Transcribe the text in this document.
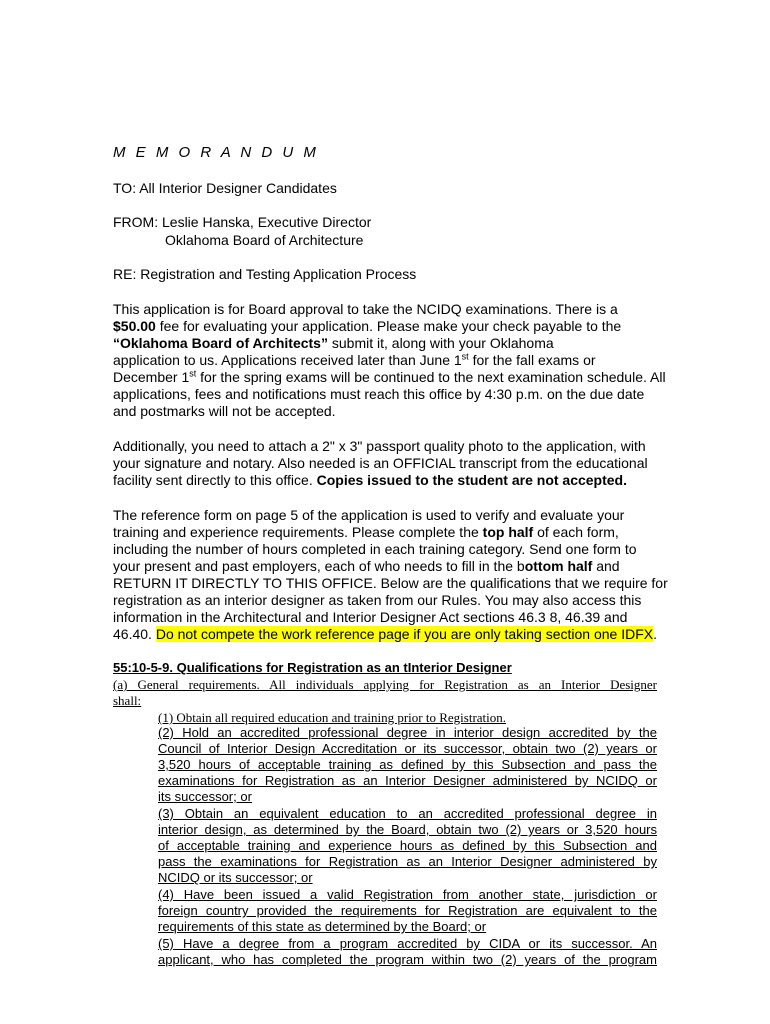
M E M O R A N D U M
TO: All Interior Designer Candidates
FROM: Leslie Hanska, Executive Director
Oklahoma Board of Architecture
RE: Registration and Testing Application Process
This application is for Board approval to take the NCIDQ examinations. There is a
$50.00 fee for evaluating your application. Please make your check payable to the
“Oklahoma Board of Architects” submit it, along with your Oklahoma
application to us. Applications received later than June 1st for the fall exams or
December 1st for the spring exams will be continued to the next examination schedule. All
applications, fees and notifications must reach this office by 4:30 p.m. on the due date
and postmarks will not be accepted.
Additionally, you need to attach a 2" x 3" passport quality photo to the application, with
your signature and notary. Also needed is an OFFICIAL transcript from the educational
facility sent directly to this office. Copies issued to the student are not accepted.
The reference form on page 5 of the application is used to verify and evaluate your
training and experience requirements. Please complete the top half of each form,
including the number of hours completed in each training category. Send one form to
your present and past employers, each of who needs to fill in the bottom half and
RETURN IT DIRECTLY TO THIS OFFICE. Below are the qualifications that we require for
registration as an interior designer as taken from our Rules. You may also access this
information in the Architectural and Interior Designer Act sections 46.3 8, 46.39 and
46.40. Do not compete the work reference page if you are only taking section one IDFX.
55:10-5-9. Qualifications for Registration as an tInterior Designer
(a) General requirements. All individuals applying for Registration as an Interior Designer
shall:
(1) Obtain all required education and training prior to Registration.
(2) Hold an accredited professional degree in interior design accredited by the
Council of Interior Design Accreditation or its successor, obtain two (2) years or
3,520 hours of acceptable training as defined by this Subsection and pass the
examinations for Registration as an Interior Designer administered by NCIDQ or
its successor; or
(3) Obtain an equivalent education to an accredited professional degree in
interior design, as determined by the Board, obtain two (2) years or 3,520 hours
of acceptable training and experience hours as defined by this Subsection and
pass the examinations for Registration as an Interior Designer administered by
NCIDQ or its successor; or
(4) Have been issued a valid Registration from another state, jurisdiction or
foreign country provided the requirements for Registration are equivalent to the
requirements of this state as determined by the Board; or
(5) Have a degree from a program accredited by CIDA or its successor. An
applicant, who has completed the program within two (2) years of the program
